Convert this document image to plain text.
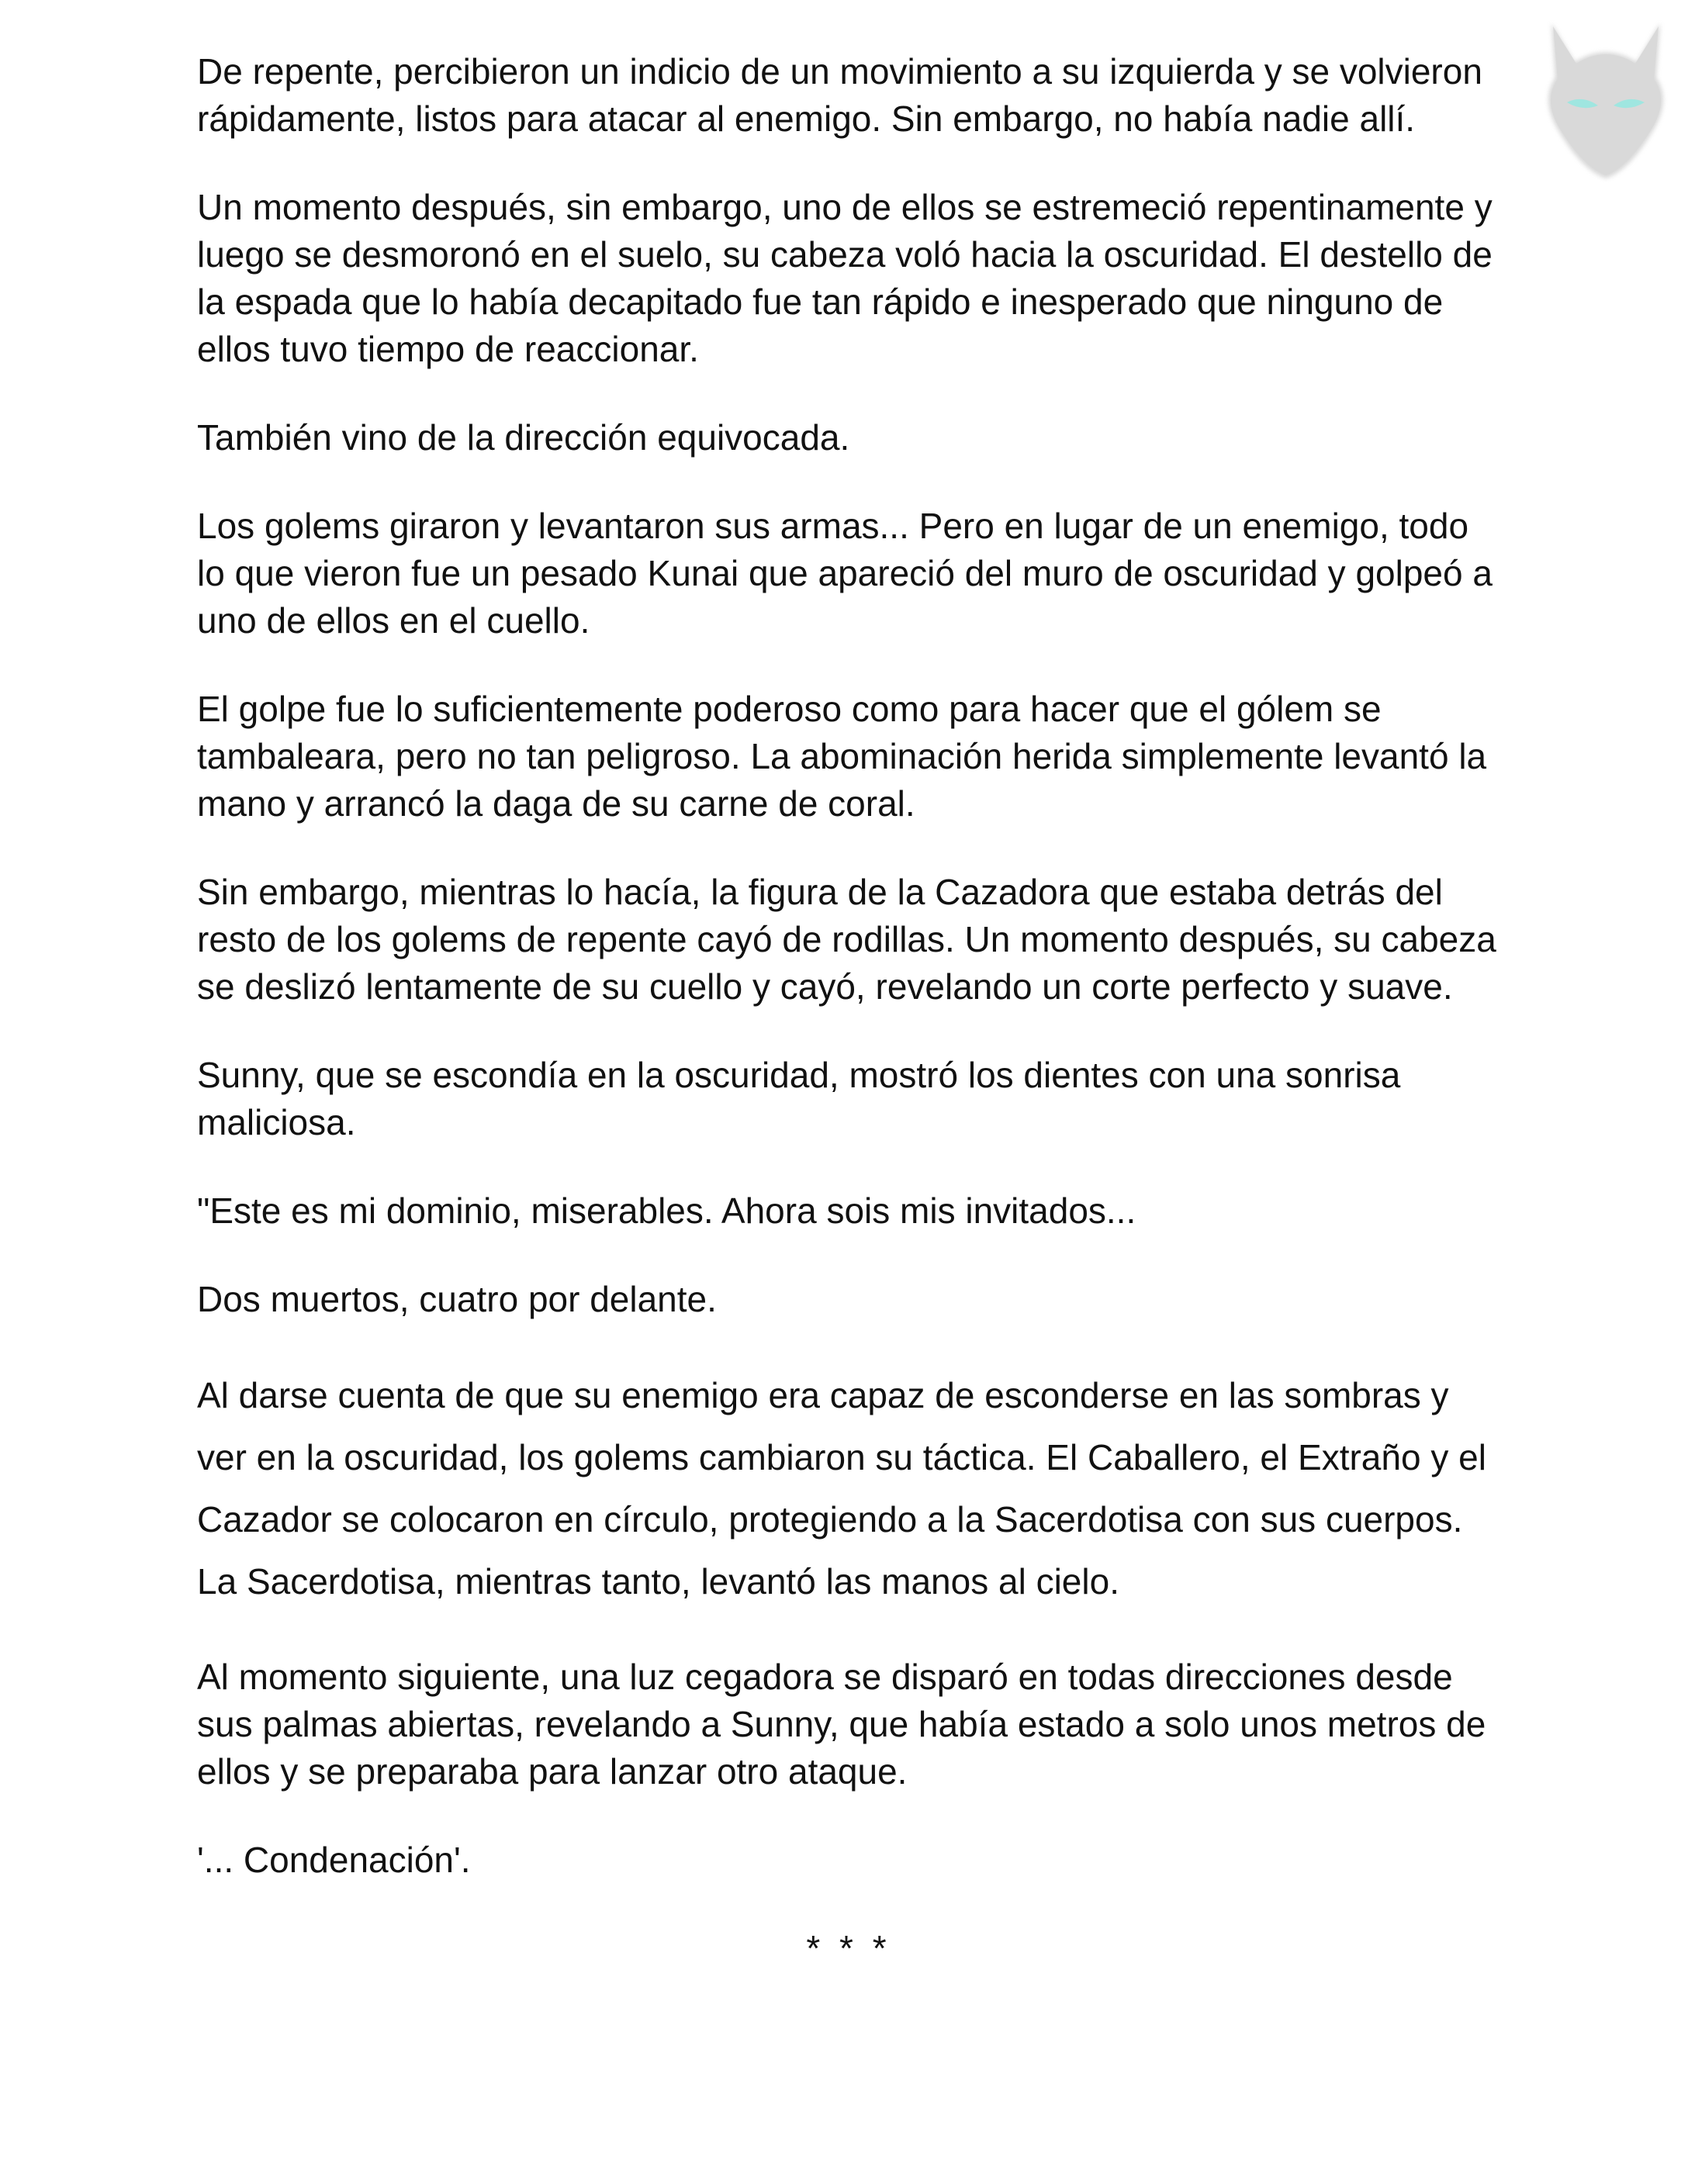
De repente, percibieron un indicio de un movimiento a su izquierda y se volvieron rápidamente, listos para atacar al enemigo. Sin embargo, no había nadie allí.

Un momento después, sin embargo, uno de ellos se estremeció repentinamente y luego se desmoronó en el suelo, su cabeza voló hacia la oscuridad. El destello de la espada que lo había decapitado fue tan rápido e inesperado que ninguno de ellos tuvo tiempo de reaccionar.

También vino de la dirección equivocada.

Los golems giraron y levantaron sus armas... Pero en lugar de un enemigo, todo lo que vieron fue un pesado Kunai que apareció del muro de oscuridad y golpeó a uno de ellos en el cuello.

El golpe fue lo suficientemente poderoso como para hacer que el gólem se tambaleara, pero no tan peligroso. La abominación herida simplemente levantó la mano y arrancó la daga de su carne de coral.

Sin embargo, mientras lo hacía, la figura de la Cazadora que estaba detrás del resto de los golems de repente cayó de rodillas. Un momento después, su cabeza se deslizó lentamente de su cuello y cayó, revelando un corte perfecto y suave.

Sunny, que se escondía en la oscuridad, mostró los dientes con una sonrisa maliciosa.

"Este es mi dominio, miserables. Ahora sois mis invitados...

Dos muertos, cuatro por delante.

Al darse cuenta de que su enemigo era capaz de esconderse en las sombras y ver en la oscuridad, los golems cambiaron su táctica. El Caballero, el Extraño y el Cazador se colocaron en círculo, protegiendo a la Sacerdotisa con sus cuerpos. La Sacerdotisa, mientras tanto, levantó las manos al cielo.

Al momento siguiente, una luz cegadora se disparó en todas direcciones desde sus palmas abiertas, revelando a Sunny, que había estado a solo unos metros de ellos y se preparaba para lanzar otro ataque.

'... Condenación'.

* * *
